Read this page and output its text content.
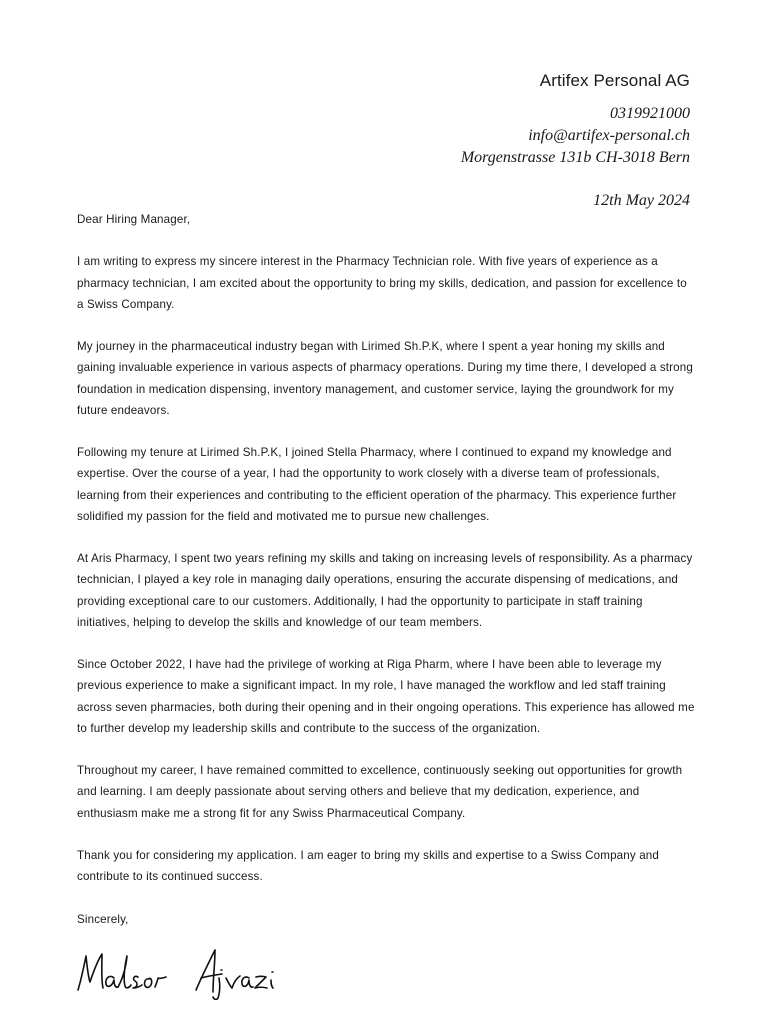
Artifex Personal AG
0319921000
info@artifex-personal.ch
Morgenstrasse 131b CH-3018 Bern
12th May 2024

Dear Hiring Manager,

I am writing to express my sincere interest in the Pharmacy Technician role. With five years of experience as a pharmacy technician, I am excited about the opportunity to bring my skills, dedication, and passion for excellence to a Swiss Company.

My journey in the pharmaceutical industry began with Lirimed Sh.P.K, where I spent a year honing my skills and gaining invaluable experience in various aspects of pharmacy operations. During my time there, I developed a strong foundation in medication dispensing, inventory management, and customer service, laying the groundwork for my future endeavors.

Following my tenure at Lirimed Sh.P.K, I joined Stella Pharmacy, where I continued to expand my knowledge and expertise. Over the course of a year, I had the opportunity to work closely with a diverse team of professionals, learning from their experiences and contributing to the efficient operation of the pharmacy. This experience further solidified my passion for the field and motivated me to pursue new challenges.

At Aris Pharmacy, I spent two years refining my skills and taking on increasing levels of responsibility. As a pharmacy technician, I played a key role in managing daily operations, ensuring the accurate dispensing of medications, and providing exceptional care to our customers. Additionally, I had the opportunity to participate in staff training initiatives, helping to develop the skills and knowledge of our team members.

Since October 2022, I have had the privilege of working at Riga Pharm, where I have been able to leverage my previous experience to make a significant impact. In my role, I have managed the workflow and led staff training across seven pharmacies, both during their opening and in their ongoing operations. This experience has allowed me to further develop my leadership skills and contribute to the success of the organization.

Throughout my career, I have remained committed to excellence, continuously seeking out opportunities for growth and learning. I am deeply passionate about serving others and believe that my dedication, experience, and enthusiasm make me a strong fit for any Swiss Pharmaceutical Company.

Thank you for considering my application. I am eager to bring my skills and expertise to a Swiss Company and contribute to its continued success.

Sincerely,
